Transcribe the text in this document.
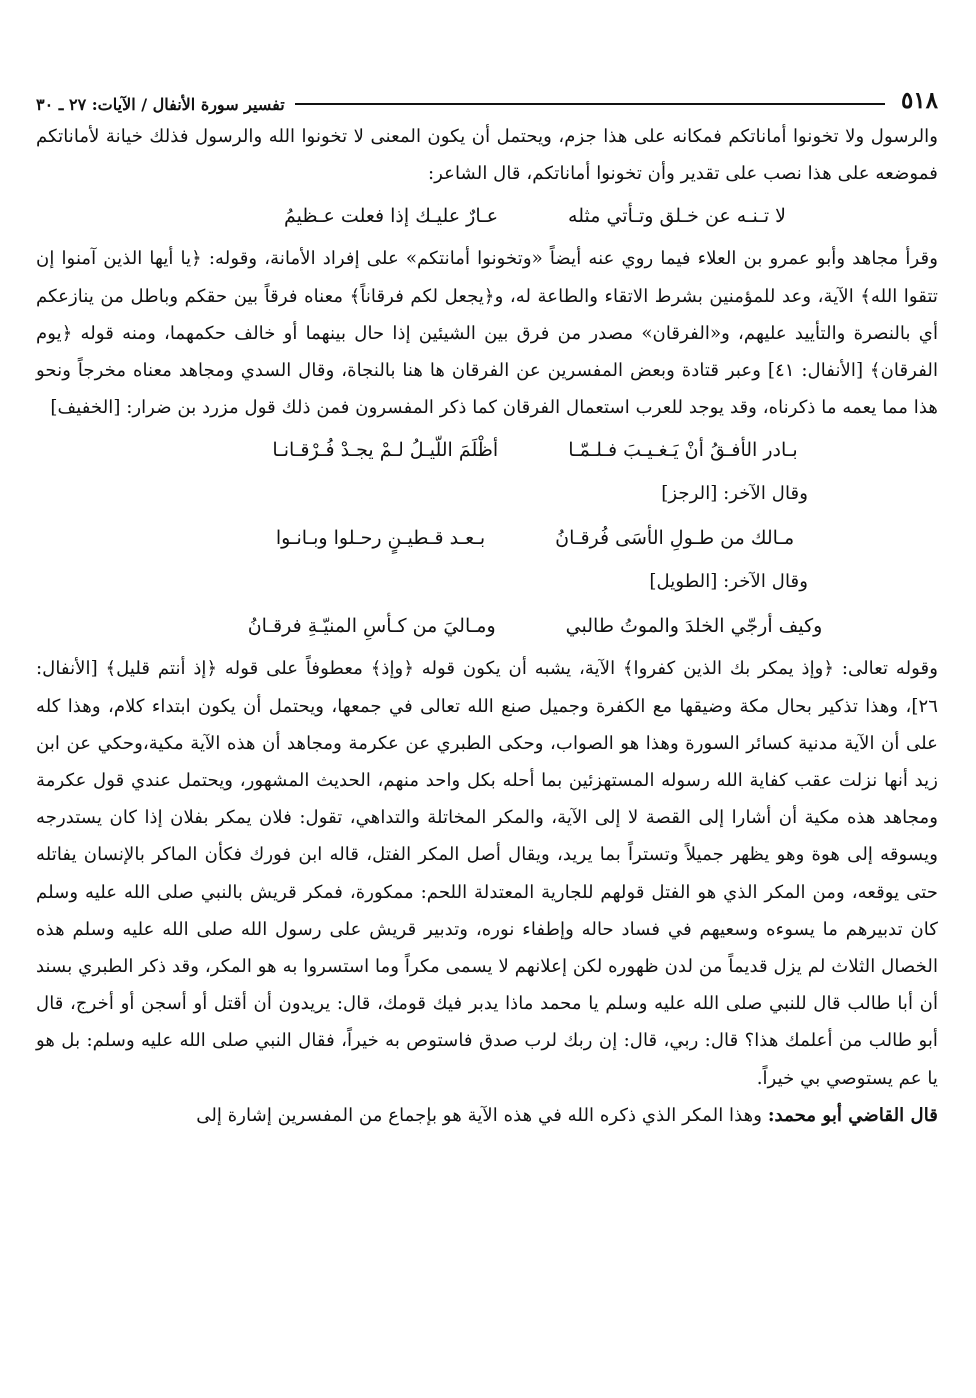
٥١٨
تفسير سورة الأنفال / الآيات: ٢٧ ـ ٣٠

والرسول ولا تخونوا أماناتكم فمكانه على هذا جزم، ويحتمل أن يكون المعنى لا تخونوا الله والرسول فذلك خيانة لأماناتكم فموضعه على هذا نصب على تقدير وأن تخونوا أماناتكم، قال الشاعر:

لا تـنـه عن خـلق وتـأتي مثله
عـارٌ عليـك إذا فعلت عـظيمُ

وقرأ مجاهد وأبو عمرو بن العلاء فيما روي عنه أيضاً «وتخونوا أمانتكم» على إفراد الأمانة، وقوله: ﴿يا أيها الذين آمنوا إن تتقوا الله﴾ الآية، وعد للمؤمنين بشرط الاتقاء والطاعة له، و﴿يجعل لكم فرقاناً﴾ معناه فرقاً بين حقكم وباطل من ينازعكم أي بالنصرة والتأييد عليهم، و«الفرقان» مصدر من فرق بين الشيئين إذا حال بينهما أو خالف حكمهما، ومنه قوله ﴿يوم الفرقان﴾ [الأنفال: ٤١] وعبر قتادة وبعض المفسرين عن الفرقان ها هنا بالنجاة، وقال السدي ومجاهد معناه مخرجاً ونحو هذا مما يعمه ما ذكرناه، وقد يوجد للعرب استعمال الفرقان كما ذكر المفسرون فمن ذلك قول مزرد بن ضرار: [الخفيف]

بـادر الأفـقُ أنْ يَـغـيـبَ فـلـمّـا
أظْلَمَ اللّيـلُ لـمْ يجـدْ فُـرْقـانـا

وقال الآخر: [الرجز]

مـالك من طـولِ الأسَى فُرقـانُ
بـعـد قـطيـنٍ رحـلوا وبـانـوا

وقال الآخر: [الطويل]

وكيف أرجّي الخلدَ والموتُ طالبي
ومـاليَ من كـأسِ المنيّـةِ فرقـانُ

وقوله تعالى: ﴿وإذ يمكر بك الذين كفروا﴾ الآية، يشبه أن يكون قوله ﴿وإذ﴾ معطوفاً على قوله ﴿إذ أنتم قليل﴾ [الأنفال: ٢٦]، وهذا تذكير بحال مكة وضيقها مع الكفرة وجميل صنع الله تعالى في جمعها، ويحتمل أن يكون ابتداء كلام، وهذا كله على أن الآية مدنية كسائر السورة وهذا هو الصواب، وحكى الطبري عن عكرمة ومجاهد أن هذه الآية مكية،وحكي عن ابن زيد أنها نزلت عقب كفاية الله رسوله المستهزئين بما أحله بكل واحد منهم، الحديث المشهور، ويحتمل عندي قول عكرمة ومجاهد هذه مكية أن أشارا إلى القصة لا إلى الآية، والمكر المخاتلة والتداهي، تقول: فلان يمكر بفلان إذا كان يستدرجه ويسوقه إلى هوة وهو يظهر جميلاً وتستراً بما يريد، ويقال أصل المكر الفتل، قاله ابن فورك فكأن الماكر بالإنسان يفاتله حتى يوقعه، ومن المكر الذي هو الفتل قولهم للجارية المعتدلة اللحم: ممكورة، فمكر قريش بالنبي صلى الله عليه وسلم كان تدبيرهم ما يسوءه وسعيهم في فساد حاله وإطفاء نوره، وتدبير قريش على رسول الله صلى الله عليه وسلم هذه الخصال الثلاث لم يزل قديماً من لدن ظهوره لكن إعلانهم لا يسمى مكراً وما استسروا به هو المكر، وقد ذكر الطبري بسند أن أبا طالب قال للنبي صلى الله عليه وسلم يا محمد ماذا يدبر فيك قومك، قال: يريدون أن أقتل أو أسجن أو أخرج، قال أبو طالب من أعلمك هذا؟ قال: ربي، قال: إن ربك لرب صدق فاستوص به خيراً، فقال النبي صلى الله عليه وسلم: بل هو يا عم يستوصي بي خيراً.

قال القاضي أبو محمد: وهذا المكر الذي ذكره الله في هذه الآية هو بإجماع من المفسرين إشارة إلى
